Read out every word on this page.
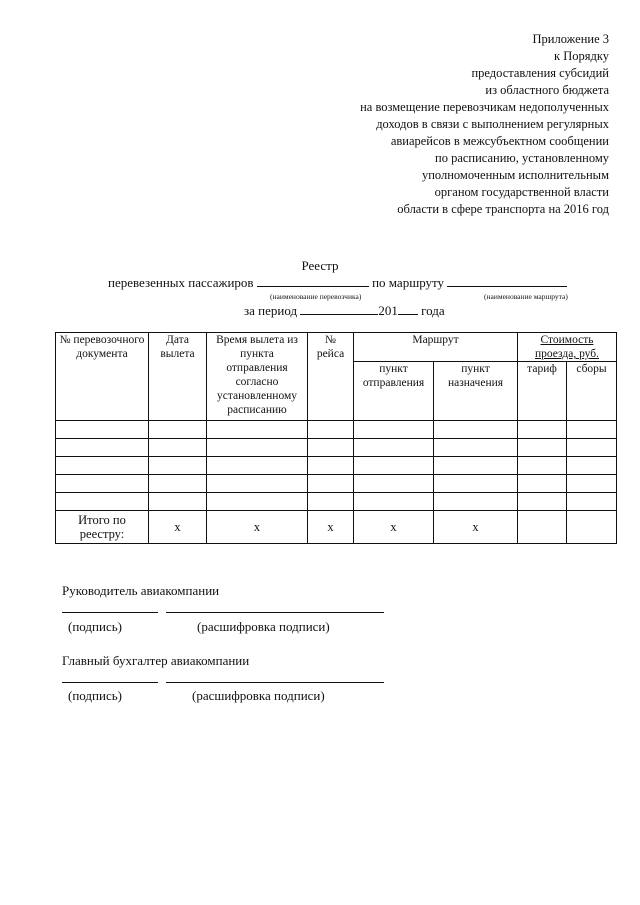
Приложение 3
к Порядку
предоставления субсидий
из областного бюджета
на возмещение перевозчикам недополученных
доходов в связи с выполнением регулярных
авиарейсов в межсубъектном сообщении
по расписанию, установленному
уполномоченным исполнительным
органом государственной власти
области в сфере транспорта на 2016 год
Реестр
перевезенных пассажиров	по маршруту
(наименование перевозчика)	(наименование маршрута)
за период	201 года
№ перевозочного документа	Дата вылета	Время вылета из пункта отправления согласно установленному расписанию	№ рейса	Маршрут		Стоимость проезда, руб.	
				пункт отправления	пункт назначения	тариф	сборы

Итого по реестру:	х	х	х	х	х		
Руководитель авиакомпании
(подпись)	(расшифровка подписи)
Главный бухгалтер авиакомпании
(подпись)	(расшифровка подписи)
